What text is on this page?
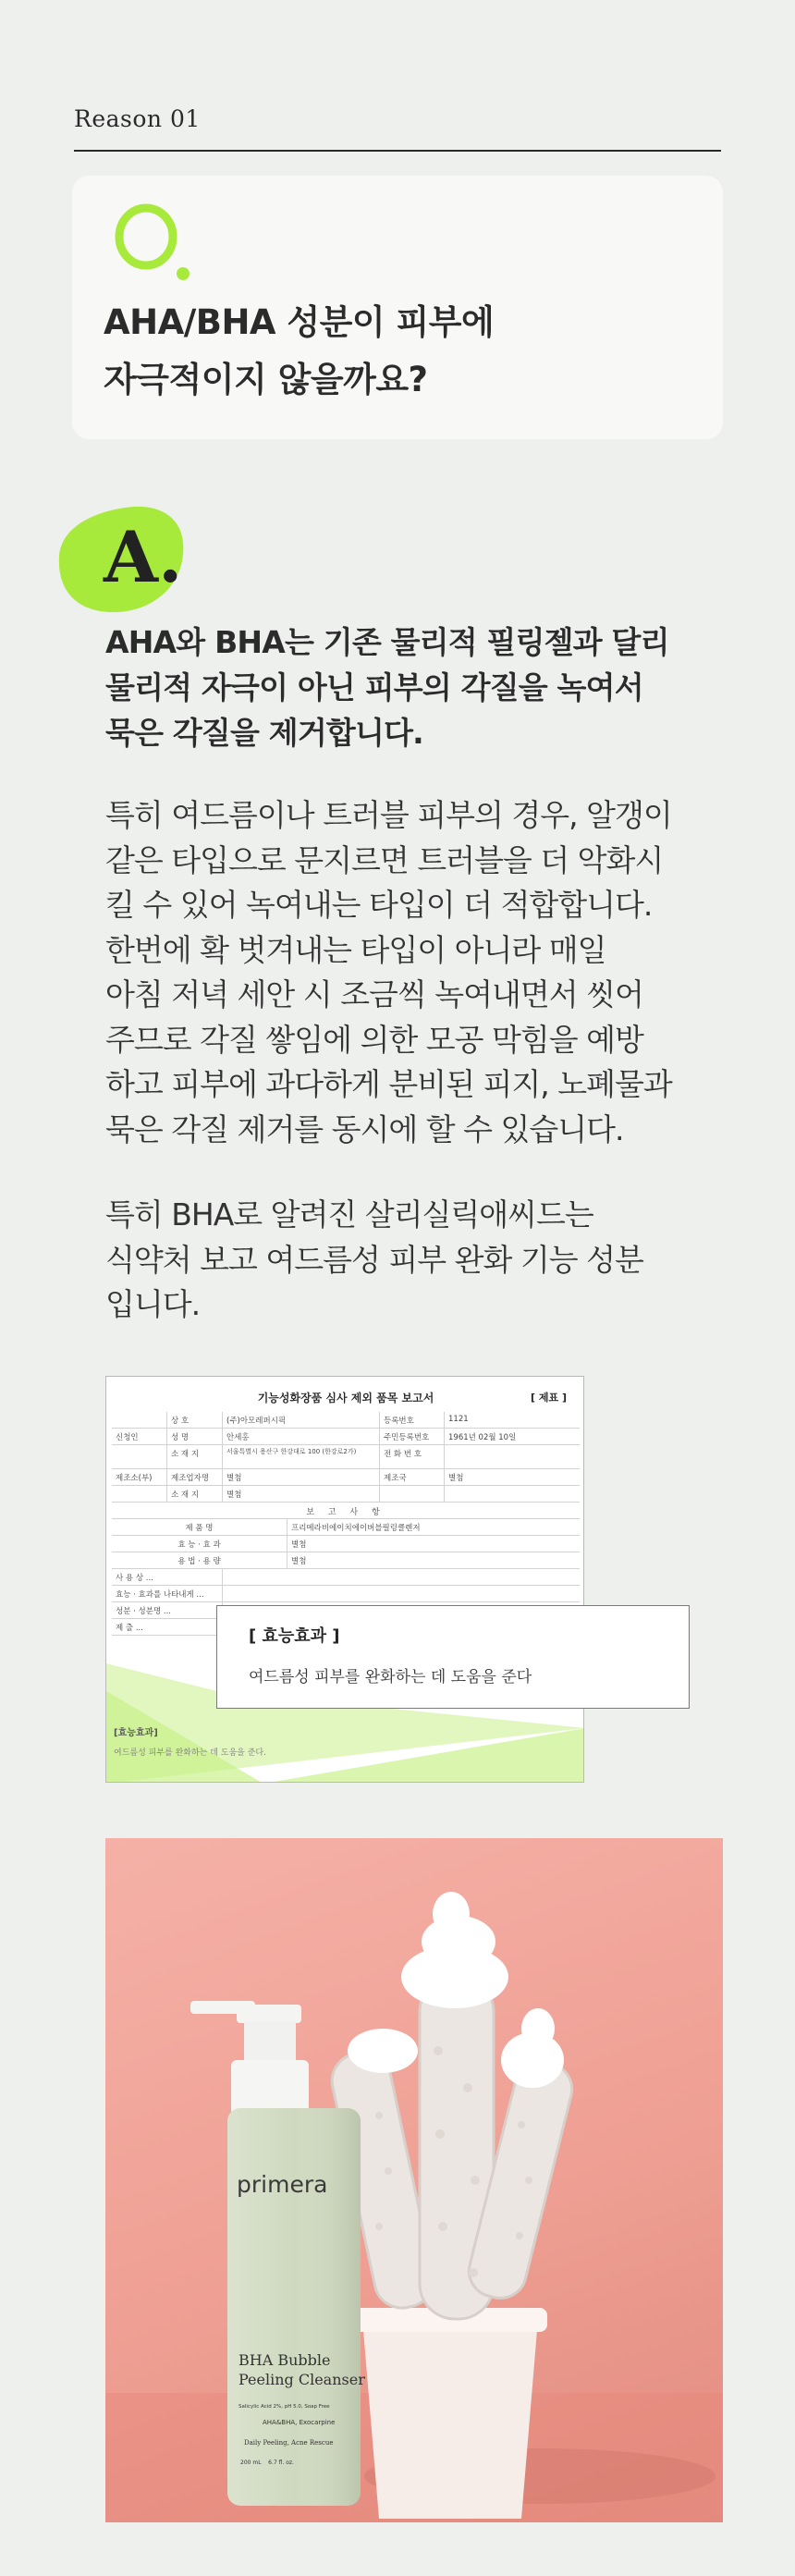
Reason 01
AHA/BHA 성분이 피부에
자극적이지 않을까요?
A.
AHA와 BHA는 기존 물리적 필링젤과 달리
물리적 자극이 아닌 피부의 각질을 녹여서
묵은 각질을 제거합니다.
특히 여드름이나 트러블 피부의 경우, 알갱이
같은 타입으로 문지르면 트러블을 더 악화시
킬 수 있어 녹여내는 타입이 더 적합합니다.
한번에 확 벗겨내는 타입이 아니라 매일
아침 저녁 세안 시 조금씩 녹여내면서 씻어
주므로 각질 쌓임에 의한 모공 막힘을 예방
하고 피부에 과다하게 분비된 피지, 노폐물과
묵은 각질 제거를 동시에 할 수 있습니다.
특히 BHA로 알려진 살리실릭애씨드는
식약처 보고 여드름성 피부 완화 기능 성분
입니다.
기능성화장품 심사 제외 품목 보고서	[ 제표 ]
상 호	(주)아모레퍼시픽	등록번호	1121
신청인	성 명	안세홍	주민등록번호	1961년 02월 10일
소 재 지	서울특별시 용산구 한강대로 100 (한강로2가)	전 화 번 호
제조소(부)	제조업자명	별첨	제조국	별첨
소 재 지	별첨
보 고 사 항
제 품 명	프리메라비에이치에이버블필링클렌저
효 능 · 효 과	별첨
용 법 · 용 량	별첨
사 용 상 ...
효능 · 효과를 나타내게 ...
성분 · 성분명 ...
제 출 ...
[효능효과]
여드름성 피부를 완화하는 데 도움을 준다.
[ 효능효과 ]
여드름성 피부를 완화하는 데 도움을 준다
primera
BHA Bubble
Peeling Cleanser
Salicylic Acid 2%, pH 5.0, Soap Free
AHA&BHA, Exocarpine
Daily Peeling, Acne Rescue
200 mL    6.7 fl. oz.
